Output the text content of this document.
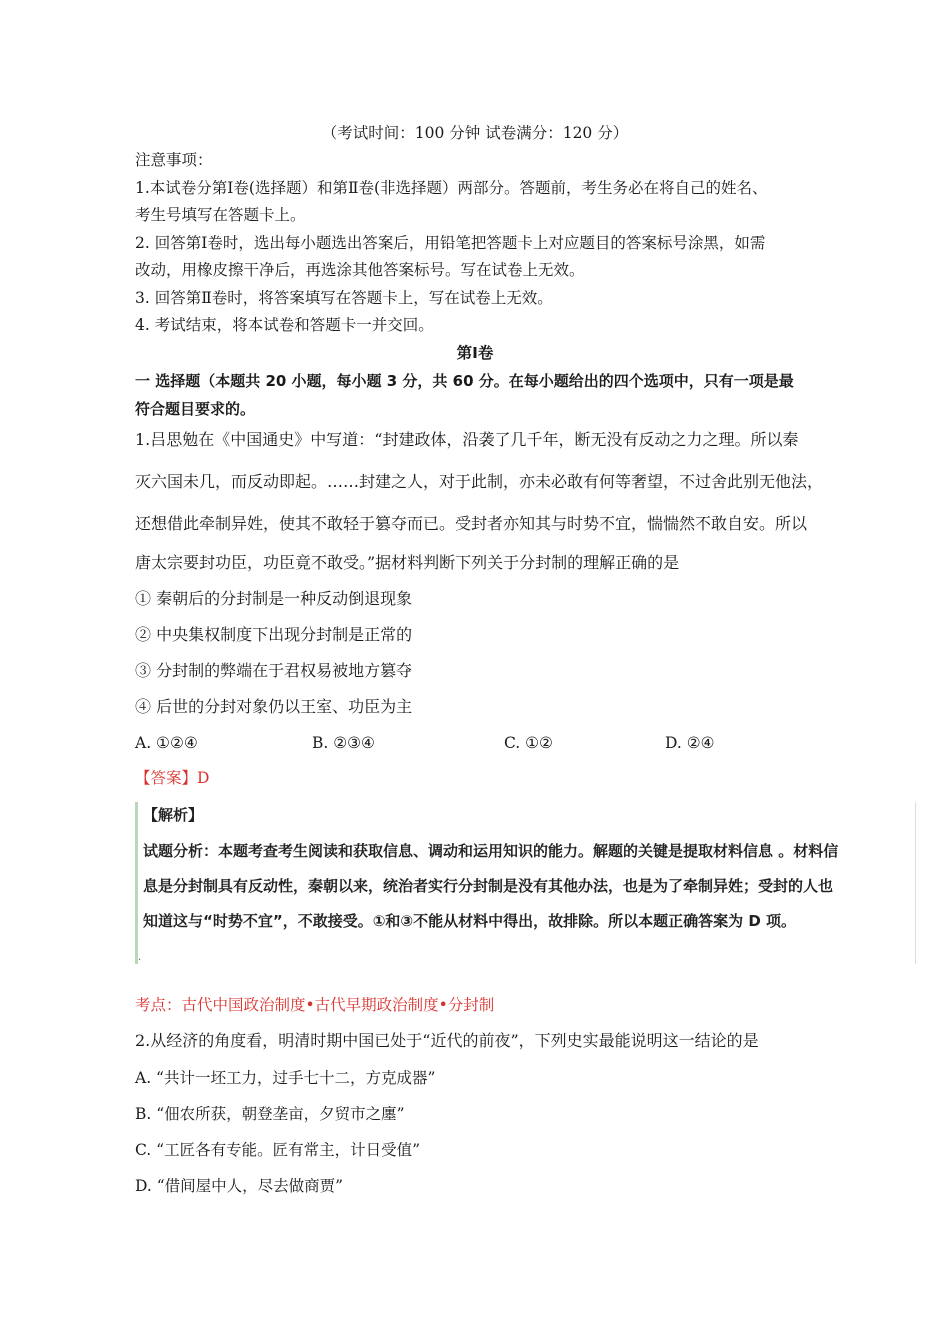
（考试时间：100 分钟 试卷满分：120 分）
注意事项：
1.本试卷分第Ⅰ卷(选择题）和第Ⅱ卷(非选择题）两部分。答题前，考生务必在将自己的姓名、
考生号填写在答题卡上。
2. 回答第Ⅰ卷时，选出每小题选出答案后，用铅笔把答题卡上对应题目的答案标号涂黑，如需
改动，用橡皮擦干净后，再选涂其他答案标号。写在试卷上无效。
3. 回答第Ⅱ卷时，将答案填写在答题卡上，写在试卷上无效。
4. 考试结束，将本试卷和答题卡一并交回。
第Ⅰ卷
一 选择题（本题共 20 小题，每小题 3 分，共 60 分。在每小题给出的四个选项中，只有一项是最
符合题目要求的。
1.吕思勉在《中国通史》中写道：“封建政体，沿袭了几千年，断无没有反动之力之理。所以秦
灭六国未几，而反动即起。……封建之人，对于此制，亦未必敢有何等奢望，不过舍此别无他法，
还想借此牵制异姓，使其不敢轻于篡夺而已。受封者亦知其与时势不宜，惴惴然不敢自安。所以
唐太宗要封功臣，功臣竟不敢受。”据材料判断下列关于分封制的理解正确的是
① 秦朝后的分封制是一种反动倒退现象
② 中央集权制度下出现分封制是正常的
③ 分封制的弊端在于君权易被地方篡夺
④ 后世的分封对象仍以王室、功臣为主
A. ①②④	B. ②③④	C. ①②	D. ②④
【答案】D
【解析】
试题分析：本题考查考生阅读和获取信息、调动和运用知识的能力。解题的关键是提取材料信息 。材料信
息是分封制具有反动性，秦朝以来，统治者实行分封制是没有其他办法，也是为了牵制异姓；受封的人也
知道这与“时势不宜”，不敢接受。①和③不能从材料中得出，故排除。所以本题正确答案为 D 项。
.
考点：古代中国政治制度•古代早期政治制度•分封制
2.从经济的角度看，明清时期中国已处于“近代的前夜”，下列史实最能说明这一结论的是
A. “共计一坯工力，过手七十二，方克成器”
B. “佃农所获，朝登垄亩，夕贸市之廛”
C. “工匠各有专能。匠有常主，计日受值”
D. “借间屋中人，尽去做商贾”
